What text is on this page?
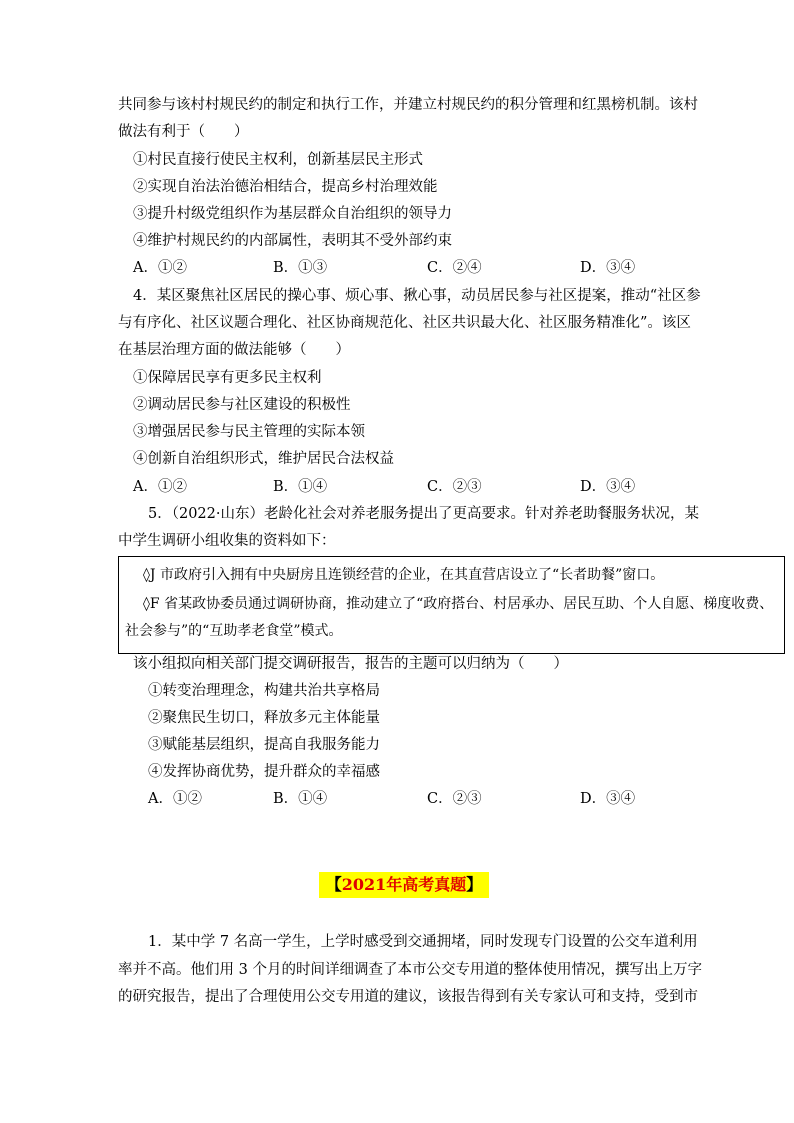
共同参与该村村规民约的制定和执行工作，并建立村规民约的积分管理和红黑榜机制。该村
做法有利于（　　）
①村民直接行使民主权利，创新基层民主形式
②实现自治法治德治相结合，提高乡村治理效能
③提升村级党组织作为基层群众自治组织的领导力
④维护村规民约的内部属性，表明其不受外部约束
A．①②	B．①③	C．②④	D．③④
4．某区聚焦社区居民的操心事、烦心事、揪心事，动员居民参与社区提案，推动“社区参
与有序化、社区议题合理化、社区协商规范化、社区共识最大化、社区服务精准化”。该区
在基层治理方面的做法能够（　　）
①保障居民享有更多民主权利
②调动居民参与社区建设的积极性
③增强居民参与民主管理的实际本领
④创新自治组织形式，维护居民合法权益
A．①②	B．①④	C．②③	D．③④
5．（2022·山东）老龄化社会对养老服务提出了更高要求。针对养老助餐服务状况，某
中学生调研小组收集的资料如下：
◊J 市政府引入拥有中央厨房且连锁经营的企业，在其直营店设立了“长者助餐”窗口。
◊F 省某政协委员通过调研协商，推动建立了“政府搭台、村居承办、居民互助、个人自愿、梯度收费、
社会参与”的“互助孝老食堂”模式。
该小组拟向相关部门提交调研报告，报告的主题可以归纳为（　　）
①转变治理理念，构建共治共享格局
②聚焦民生切口，释放多元主体能量
③赋能基层组织，提高自我服务能力
④发挥协商优势，提升群众的幸福感
A．①②	B．①④	C．②③	D．③④
【2021年高考真题】
1．某中学 7 名高一学生，上学时感受到交通拥堵，同时发现专门设置的公交车道利用
率并不高。他们用 3 个月的时间详细调查了本市公交专用道的整体使用情况，撰写出上万字
的研究报告，提出了合理使用公交专用道的建议，该报告得到有关专家认可和支持，受到市
